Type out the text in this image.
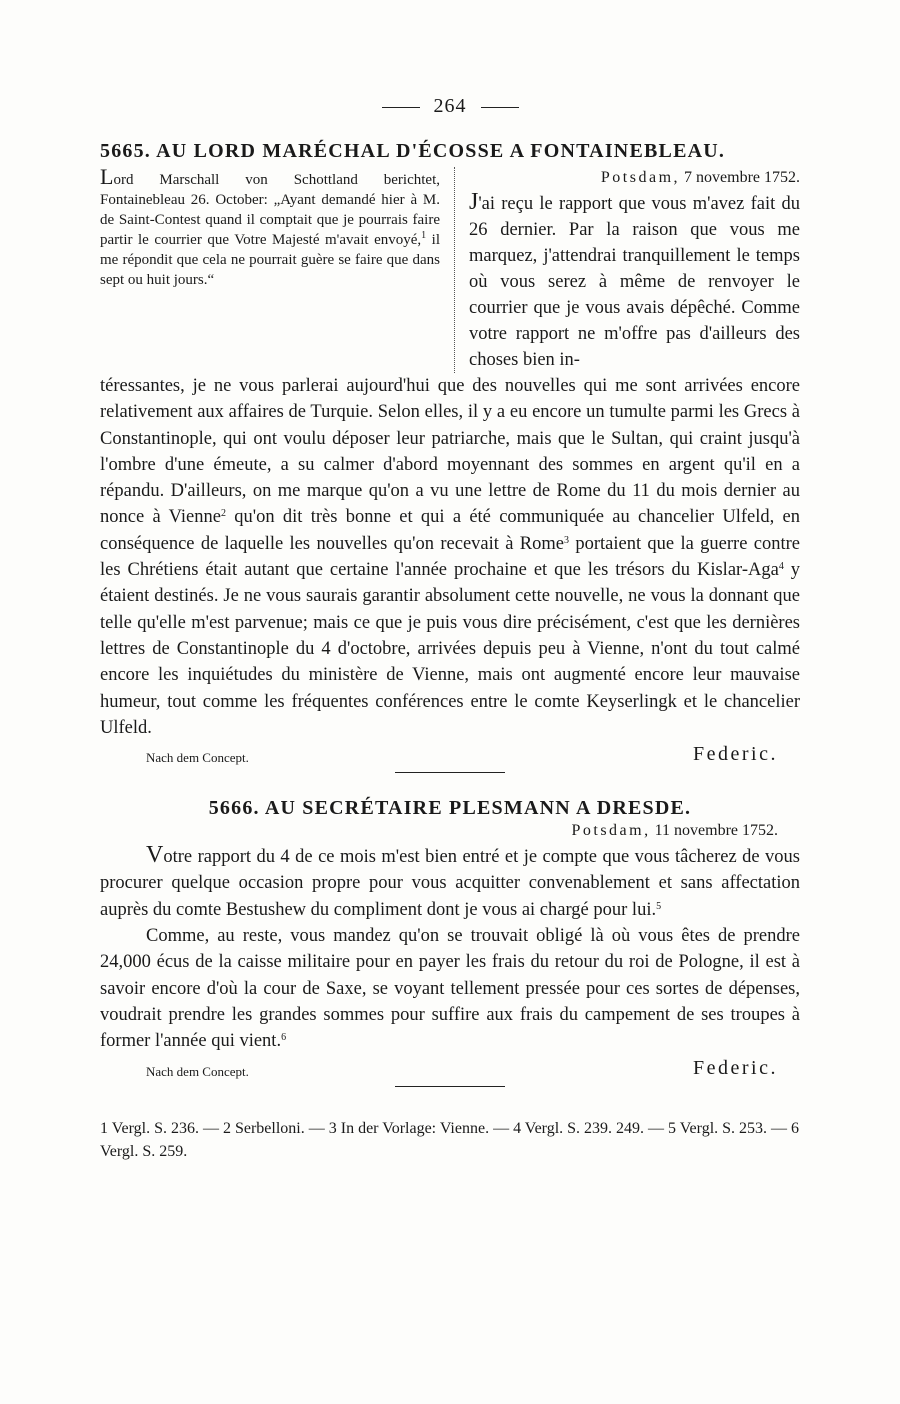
264
5665. AU LORD MARÉCHAL D'ÉCOSSE A FONTAINEBLEAU.
Lord Marschall von Schottland berichtet, Fontainebleau 26. October: „Ayant demandé hier à M. de Saint-Contest quand il comptait que je pourrais faire partir le courrier que Votre Majesté m'avait envoyé,$^1$ il me répondit que cela ne pourrait guère se faire que dans sept ou huit jours.“
Potsdam, 7 novembre 1752.
J'ai reçu le rapport que vous m'avez fait du 26 dernier. Par la raison que vous me marquez, j'attendrai tranquillement le temps où vous serez à même de renvoyer le courrier que je vous avais dépêché. Comme votre rapport ne m'offre pas d'ailleurs des choses bien in-

téressantes, je ne vous parlerai aujourd'hui que des nouvelles qui me sont arrivées encore relativement aux affaires de Turquie. Selon elles, il y a eu encore un tumulte parmi les Grecs à Constantinople, qui ont voulu déposer leur patriarche, mais que le Sultan, qui craint jusqu'à l'ombre d'une émeute, a su calmer d'abord moyennant des sommes en argent qu'il en a répandu. D'ailleurs, on me marque qu'on a vu une lettre de Rome du 11 du mois dernier au nonce à Vienne$^2$ qu'on dit très bonne et qui a été communiquée au chancelier Ulfeld, en conséquence de laquelle les nouvelles qu'on recevait à Rome$^3$ portaient que la guerre contre les Chrétiens était autant que certaine l'année prochaine et que les trésors du Kislar-Aga$^4$ y étaient destinés. Je ne vous saurais garantir absolument cette nouvelle, ne vous la donnant que telle qu'elle m'est parvenue; mais ce que je puis vous dire précisément, c'est que les dernières lettres de Constantinople du 4 d'octobre, arrivées depuis peu à Vienne, n'ont du tout calmé encore les inquiétudes du ministère de Vienne, mais ont augmenté encore leur mauvaise humeur, tout comme les fréquentes conférences entre le comte Keyserlingk et le chancelier Ulfeld.

Nach dem Concept.	Federic.
5666. AU SECRÉTAIRE PLESMANN A DRESDE.
Potsdam, 11 novembre 1752.

Votre rapport du 4 de ce mois m'est bien entré et je compte que vous tâcherez de vous procurer quelque occasion propre pour vous acquitter convenablement et sans affectation auprès du comte Bestushew du compliment dont je vous ai chargé pour lui.$^5$

Comme, au reste, vous mandez qu'on se trouvait obligé là où vous êtes de prendre 24,000 écus de la caisse militaire pour en payer les frais du retour du roi de Pologne, il est à savoir encore d'où la cour de Saxe, se voyant tellement pressée pour ces sortes de dépenses, voudrait prendre les grandes sommes pour suffire aux frais du campement de ses troupes à former l'année qui vient.$^6$

Nach dem Concept.	Federic.
1 Vergl. S. 236. — 2 Serbelloni. — 3 In der Vorlage: Vienne. — 4 Vergl. S. 239. 249. — 5 Vergl. S. 253. — 6 Vergl. S. 259.
